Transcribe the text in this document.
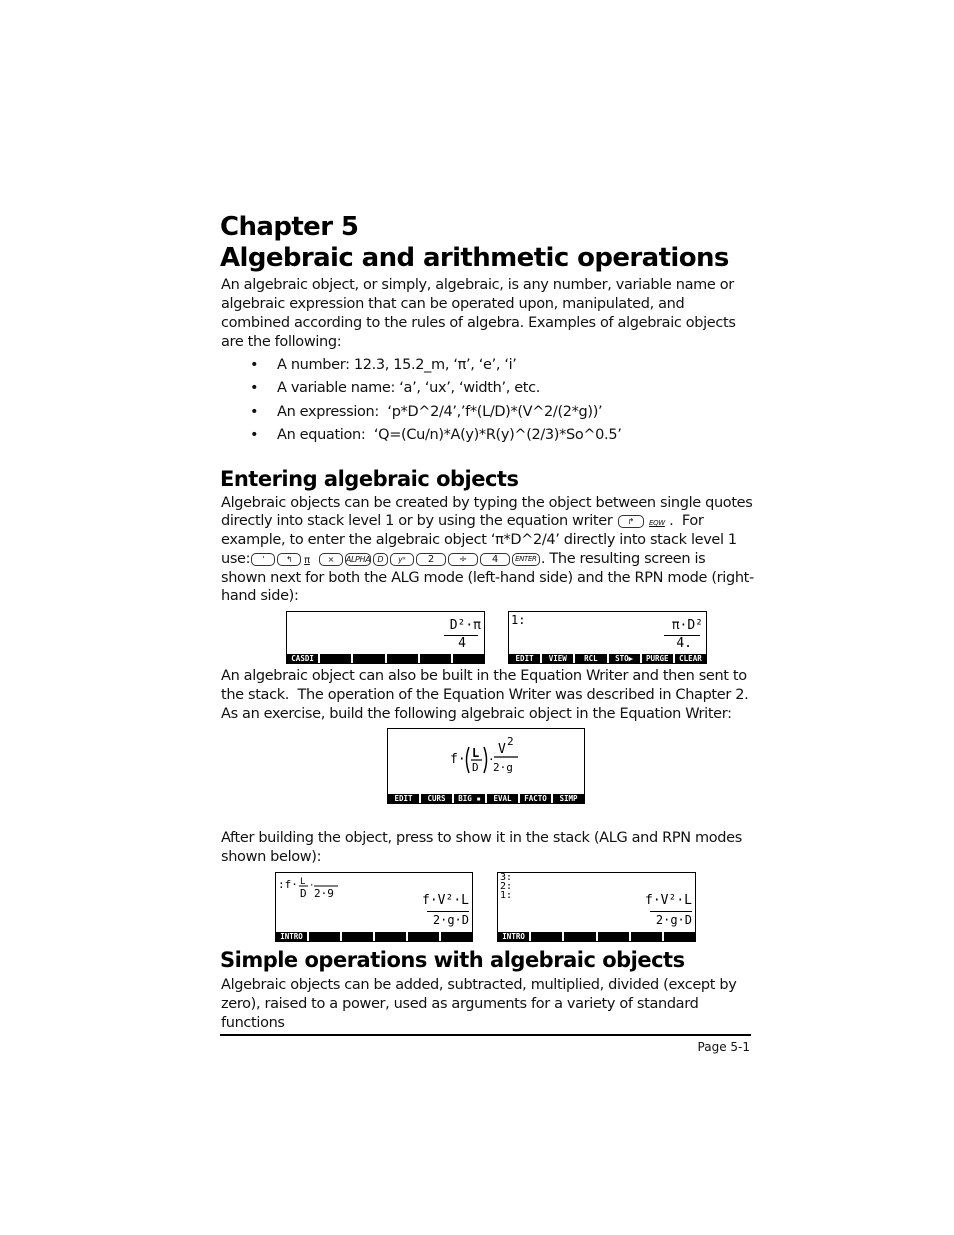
Chapter 5
Algebraic and arithmetic operations
An algebraic object, or simply, algebraic, is any number, variable name or algebraic expression that can be operated upon, manipulated, and combined according to the rules of algebra. Examples of algebraic objects are the following:
• A number: 12.3, 15.2_m, ‘π’, ‘e’, ‘i’
• A variable name: ‘a’, ‘ux’, ‘width’, etc.
• An expression:  ‘p*D^2/4’,’f*(L/D)*(V^2/(2*g))’
• An equation:  ‘Q=(Cu/n)*A(y)*R(y)^(2/3)*So^0.5’
Entering algebraic objects
Algebraic objects can be created by typing the object between single quotes
directly into stack level 1 or by using the equation writer ↱ EQW .  For
example, to enter the algebraic object ‘π*D^2/4’ directly into stack level 1
use: '	↰ π × ALPHA D yˣ 2 ÷ 4 ENTER . The resulting screen is
shown next for both the ALG mode (left-hand side) and the RPN mode (right-
hand side):
D²·π
4
CASDI
1:	π·D²
4.
EDIT	VIEW	RCL	STO▶	PURGE	CLEAR
An algebraic object can also be built in the Equation Writer and then sent to the stack.  The operation of the Equation Writer was described in Chapter 2. As an exercise, build the following algebraic object in the Equation Writer:
f· L
D
·
V
2
2·g
EDIT	CURS	BIG ▪	EVAL	FACTO	SIMP
After building the object, press to show it in the stack (ALG and RPN modes shown below):
:f· L
D
·
2·9	f·V²·L
2·g·D
INTRO
3:
2:
1:	f·V²·L
2·g·D
INTRO
Simple operations with algebraic objects
Algebraic objects can be added, subtracted, multiplied, divided (except by zero), raised to a power, used as arguments for a variety of standard functions
Page 5-1
